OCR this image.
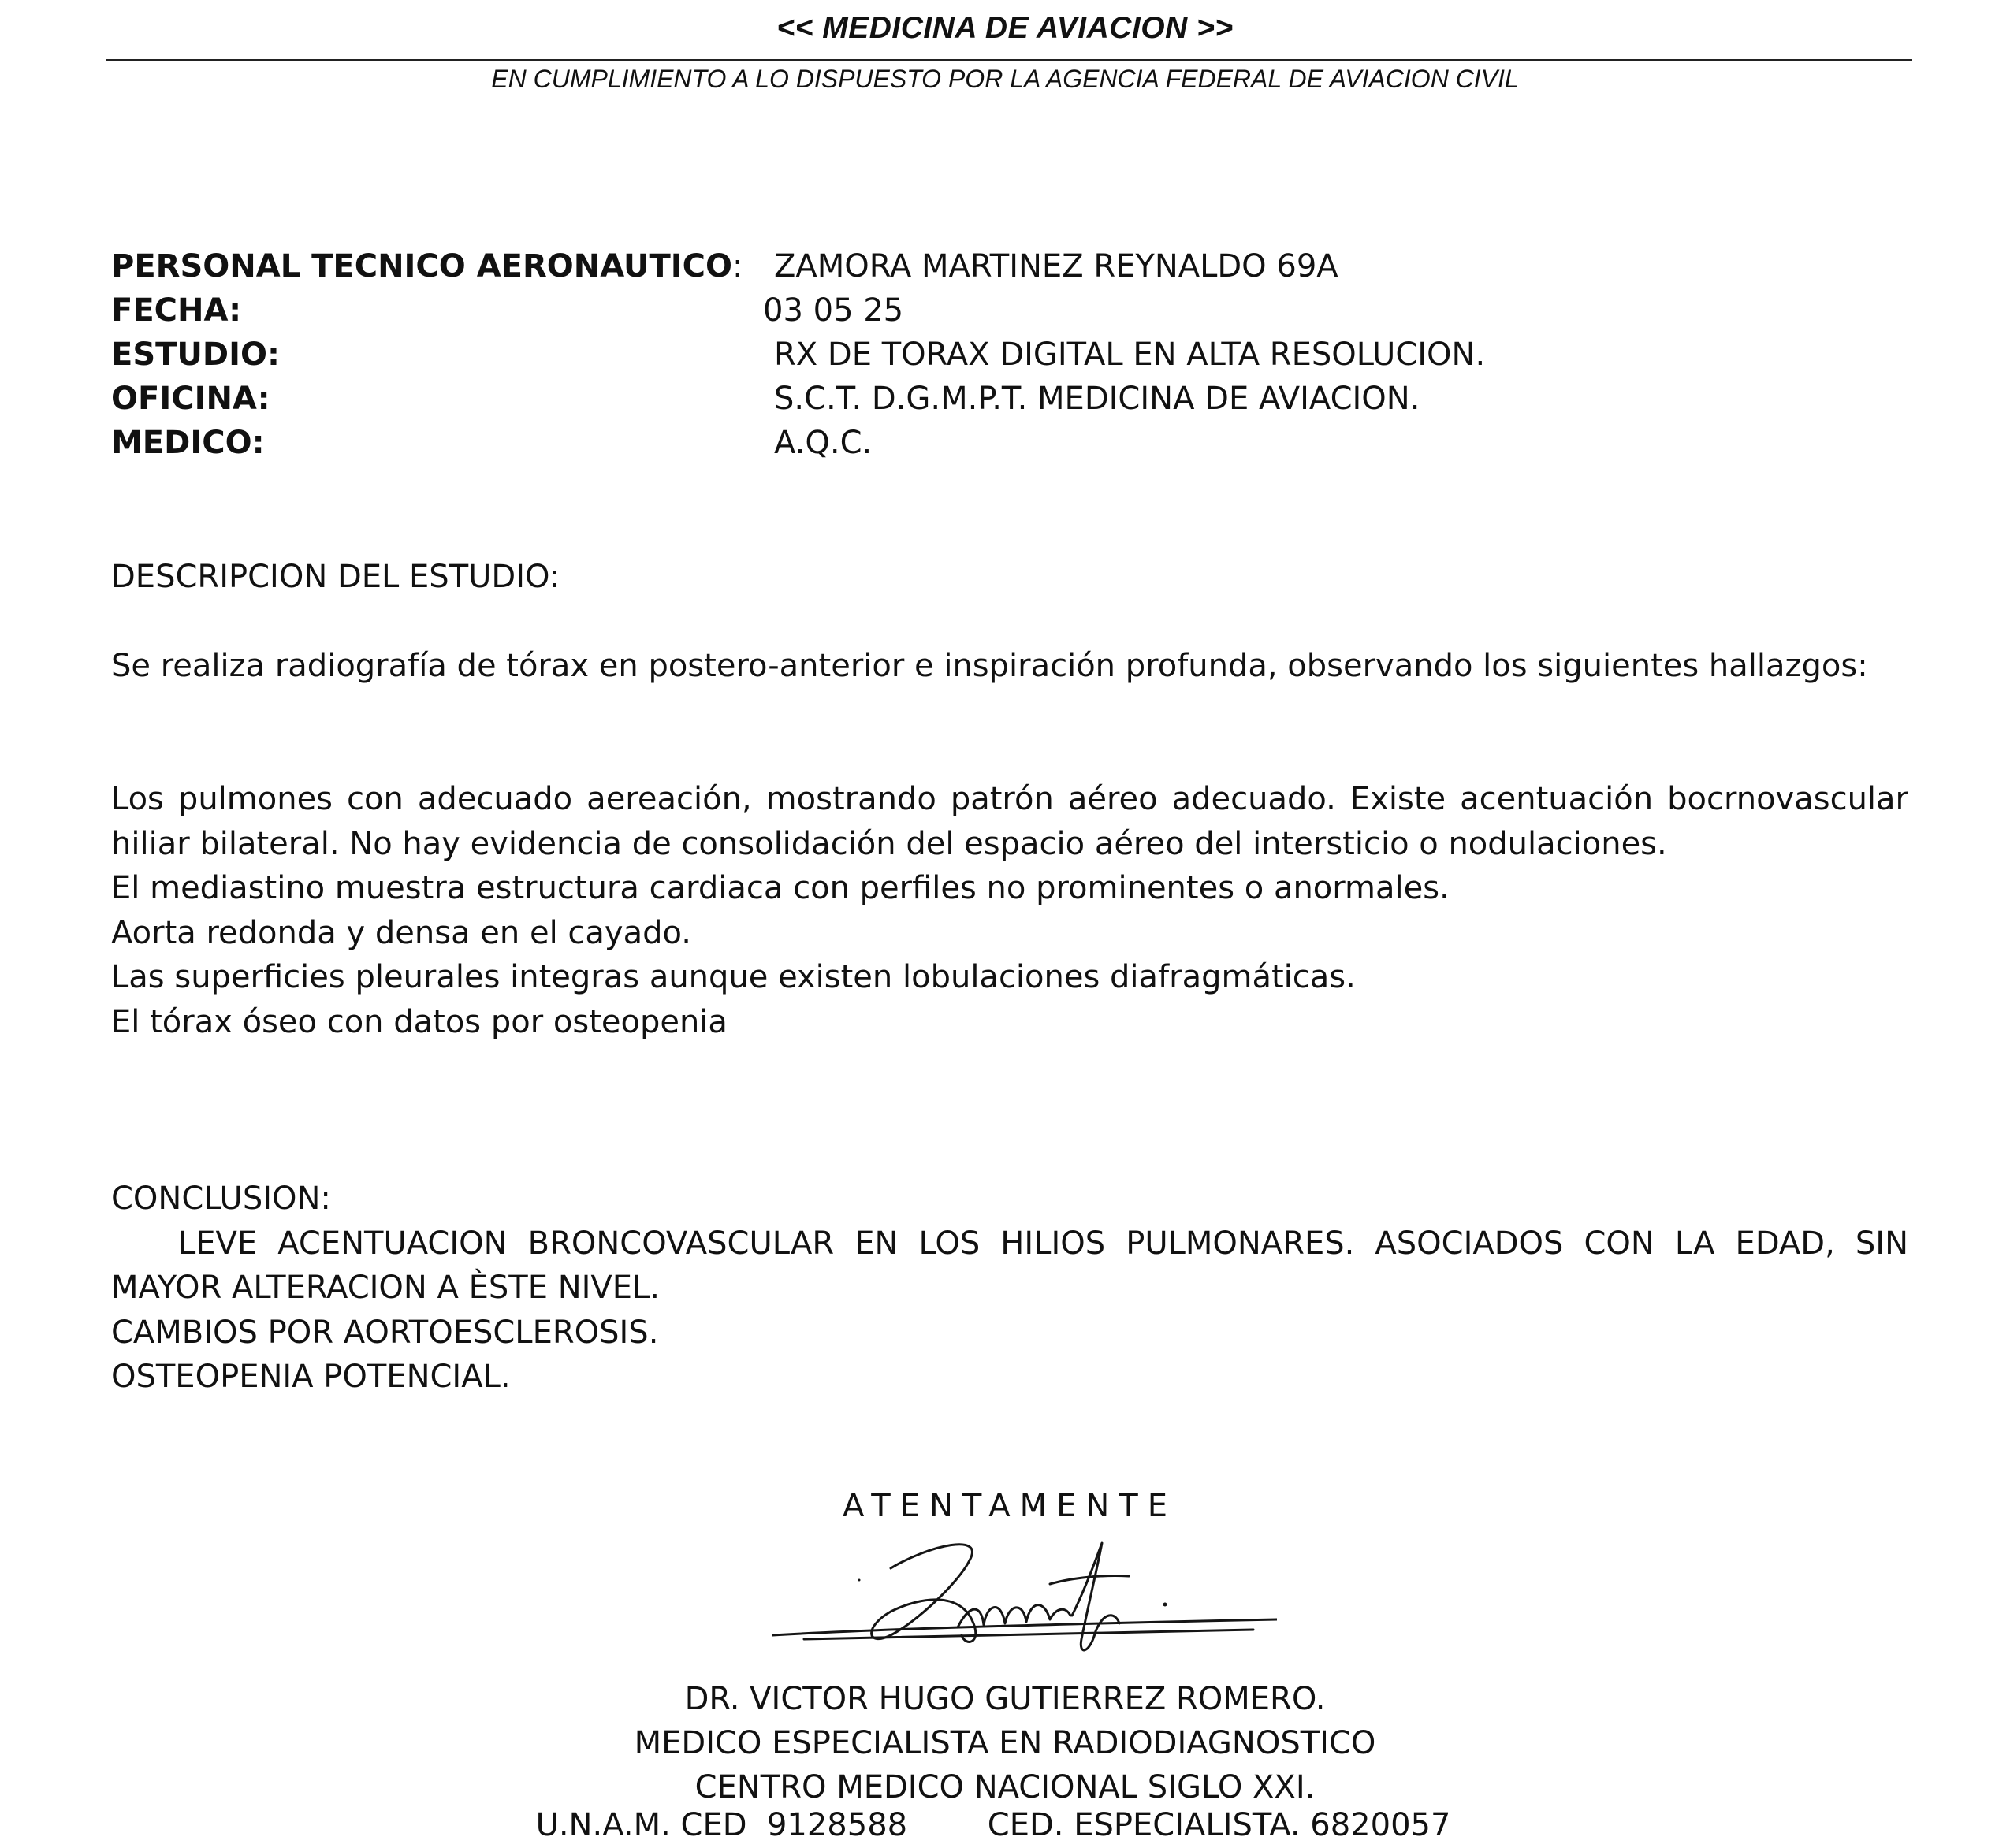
<< MEDICINA DE AVIACION >>
EN CUMPLIMIENTO A LO DISPUESTO POR LA AGENCIA FEDERAL DE AVIACION CIVIL
PERSONAL TECNICO AERONAUTICO: ZAMORA MARTINEZ REYNALDO 69A
FECHA:	03 05 25
ESTUDIO:	RX DE TORAX DIGITAL EN ALTA RESOLUCION.
OFICINA:	S.C.T. D.G.M.P.T. MEDICINA DE AVIACION.
MEDICO:	A.Q.C.
DESCRIPCION DEL ESTUDIO:
Se realiza radiografía de tórax en postero-anterior e inspiración profunda, observando los siguientes hallazgos:

Los pulmones con adecuado aereación, mostrando patrón aéreo adecuado. Existe acentuación bocrnovascular hiliar bilateral. No hay evidencia de consolidación del espacio aéreo del intersticio o nodulaciones.

El mediastino muestra estructura cardiaca con perfiles no prominentes o anormales.

Aorta redonda y densa en el cayado.

Las superficies pleurales integras aunque existen lobulaciones diafragmáticas.

El tórax óseo con datos por osteopenia

CONCLUSION:

LEVE ACENTUACION BRONCOVASCULAR EN LOS HILIOS PULMONARES. ASOCIADOS CON LA EDAD, SIN MAYOR ALTERACION A ÈSTE NIVEL.

CAMBIOS POR AORTOESCLEROSIS.

OSTEOPENIA POTENCIAL.

ATENTAMENTE
DR. VICTOR HUGO GUTIERREZ ROMERO.
MEDICO ESPECIALISTA EN RADIODIAGNOSTICO
CENTRO MEDICO NACIONAL SIGLO XXI.
U.N.A.M. CED  9128588        CED. ESPECIALISTA. 6820057
